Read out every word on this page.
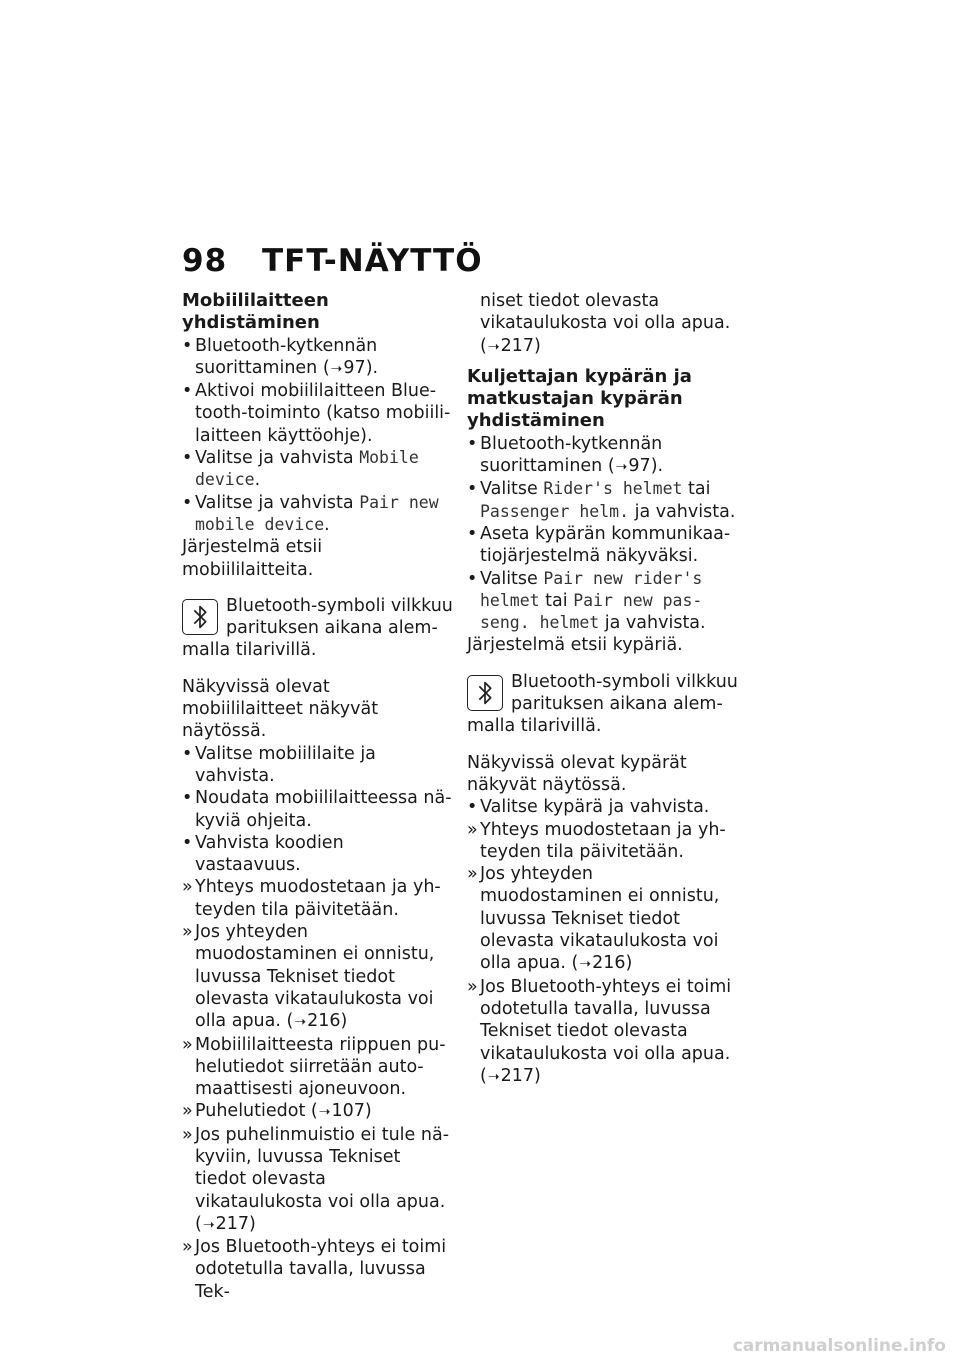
98 TFT-NÄYTTÖ
Mobiililaitteen yhdistäminen
• Bluetooth-kytkennän suorittaminen (➝97).
• Aktivoi mobiililaitteen Bluetooth-toiminto (katso mobiililaitteen käyttöohje).
• Valitse ja vahvista Mobile device.
• Valitse ja vahvista Pair new mobile device.
Järjestelmä etsii mobiililaitteita.
Bluetooth-symboli vilkkuu parituksen aikana alemmalla tilarivillä.
Näkyvissä olevat mobiililaitteet näkyvät näytössä.
• Valitse mobiililaite ja vahvista.
• Noudata mobiililaitteessa näkyviä ohjeita.
• Vahvista koodien vastaavuus.
» Yhteys muodostetaan ja yhteyden tila päivitetään.
» Jos yhteyden muodostaminen ei onnistu, luvussa Tekniset tiedot olevasta vikataulukosta voi olla apua. (➝216)
» Mobiililaitteesta riippuen puhelutiedot siirretään automaattisesti ajoneuvoon.
» Puhelutiedot (➝107)
» Jos puhelinmuistio ei tule näkyviin, luvussa Tekniset tiedot olevasta vikataulukosta voi olla apua. (➝217)
» Jos Bluetooth-yhteys ei toimi odotetulla tavalla, luvussa Tek-
niset tiedot olevasta vikataulukosta voi olla apua. (➝217)
Kuljettajan kypärän ja matkustajan kypärän yhdistäminen
• Bluetooth-kytkennän suorittaminen (➝97).
• Valitse Rider's helmet tai Passenger helm. ja vahvista.
• Aseta kypärän kommunikaatiojärjestelmä näkyväksi.
• Valitse Pair new rider's helmet tai Pair new passeng. helmet ja vahvista.
Järjestelmä etsii kypäriä.
Bluetooth-symboli vilkkuu parituksen aikana alemmalla tilarivillä.
Näkyvissä olevat kypärät näkyvät näytössä.
• Valitse kypärä ja vahvista.
» Yhteys muodostetaan ja yhteyden tila päivitetään.
» Jos yhteyden muodostaminen ei onnistu, luvussa Tekniset tiedot olevasta vikataulukosta voi olla apua. (➝216)
» Jos Bluetooth-yhteys ei toimi odotetulla tavalla, luvussa Tekniset tiedot olevasta vikataulukosta voi olla apua. (➝217)
carmanualsonline.info
